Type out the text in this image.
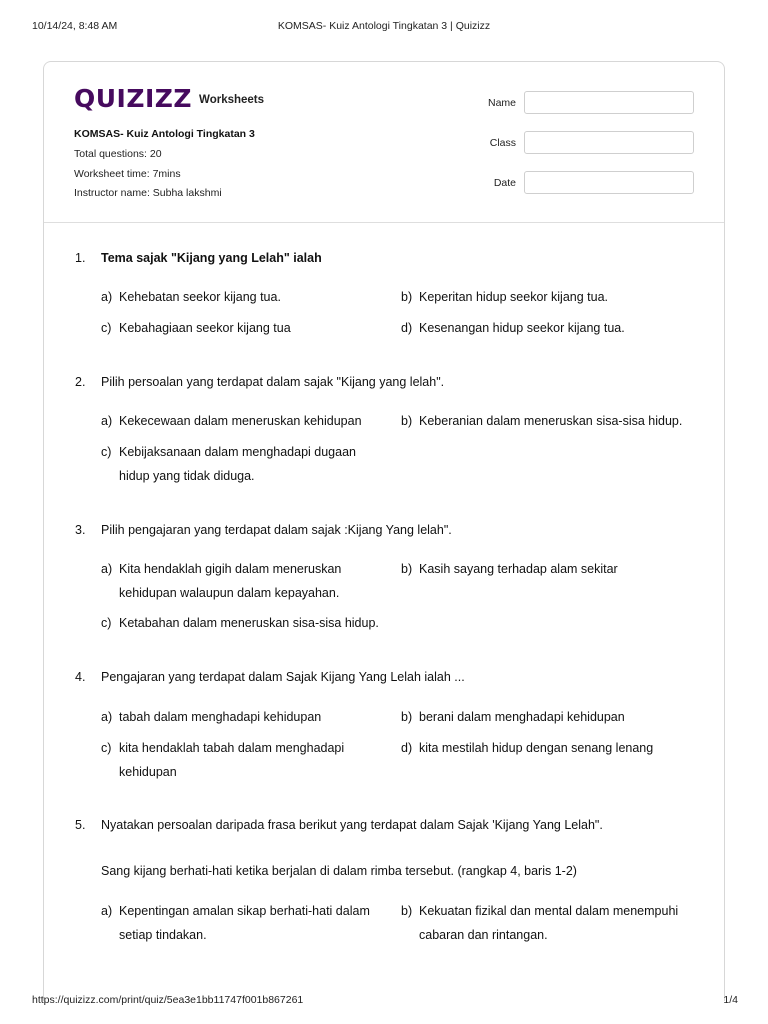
10/14/24, 8:48 AM	KOMSAS- Kuiz Antologi Tingkatan 3 | Quizizz
QUIZIZZ Worksheets
KOMSAS- Kuiz Antologi Tingkatan 3
Total questions: 20
Worksheet time: 7mins
Instructor name: Subha lakshmi
Name
Class
Date
1. Tema sajak "Kijang yang Lelah" ialah
a) Kehebatan seekor kijang tua.	b) Keperitan hidup seekor kijang tua.
c) Kebahagiaan seekor kijang tua	d) Kesenangan hidup seekor kijang tua.
2. Pilih persoalan yang terdapat dalam sajak "Kijang yang lelah".
a) Kekecewaan dalam meneruskan kehidupan	b) Keberanian dalam meneruskan sisa-sisa hidup.
c) Kebijaksanaan dalam menghadapi dugaan
hidup yang tidak diduga.
3. Pilih pengajaran yang terdapat dalam sajak :Kijang Yang lelah".
a) Kita hendaklah gigih dalam meneruskan
kehidupan walaupun dalam kepayahan.
b) Kasih sayang terhadap alam sekitar
c) Ketabahan dalam meneruskan sisa-sisa hidup.
4. Pengajaran yang terdapat dalam Sajak Kijang Yang Lelah ialah ...
a) tabah dalam menghadapi kehidupan	b) berani dalam menghadapi kehidupan
c) kita hendaklah tabah dalam menghadapi
kehidupan
d) kita mestilah hidup dengan senang lenang
5. Nyatakan persoalan daripada frasa berikut yang terdapat dalam Sajak 'Kijang Yang Lelah".
Sang kijang berhati-hati ketika berjalan di dalam rimba tersebut. (rangkap 4, baris 1-2)
a) Kepentingan amalan sikap berhati-hati dalam
setiap tindakan.
b) Kekuatan fizikal dan mental dalam menempuhi
cabaran dan rintangan.
https://quizizz.com/print/quiz/5ea3e1bb11747f001b867261	1/4
